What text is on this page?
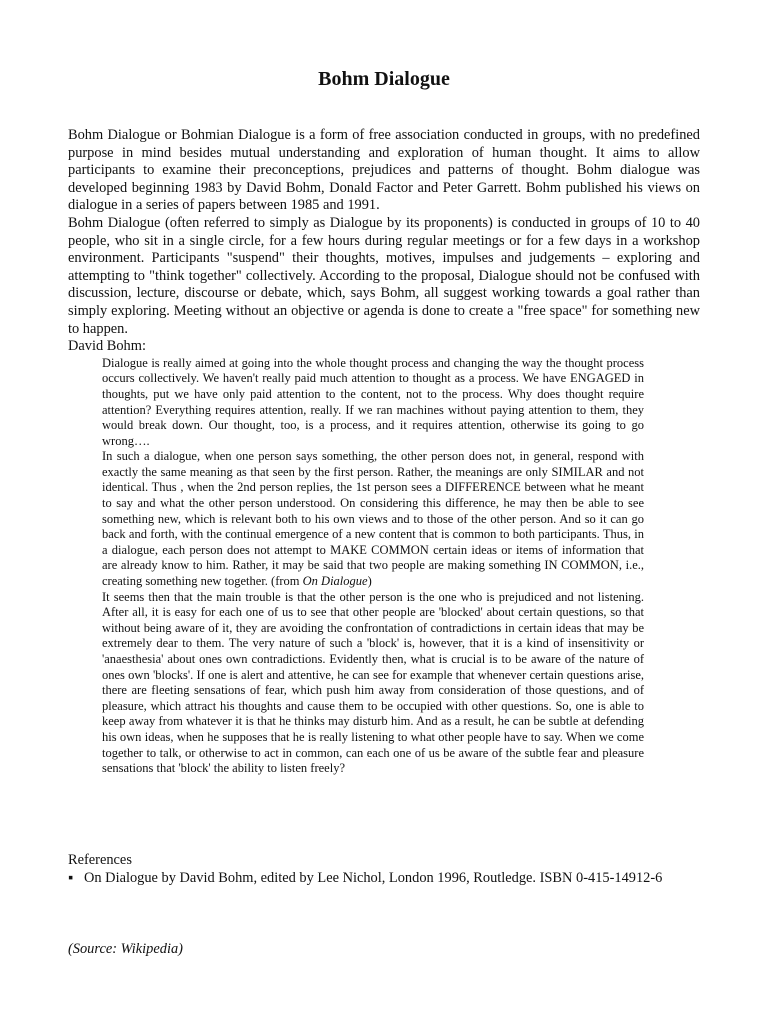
Bohm Dialogue

Bohm Dialogue or Bohmian Dialogue is a form of free association conducted in groups, with no predefined purpose in mind besides mutual understanding and exploration of human thought. It aims to allow participants to examine their preconceptions, prejudices and patterns of thought. Bohm dialogue was developed beginning 1983 by David Bohm, Donald Factor and Peter Garrett. Bohm published his views on dialogue in a series of papers between 1985 and 1991.

Bohm Dialogue (often referred to simply as Dialogue by its proponents) is conducted in groups of 10 to 40 people, who sit in a single circle, for a few hours during regular meetings or for a few days in a workshop environment. Participants "suspend" their thoughts, motives, impulses and judgements – exploring and attempting to "think together" collectively. According to the proposal, Dialogue should not be confused with discussion, lecture, discourse or debate, which, says Bohm, all suggest working towards a goal rather than simply exploring. Meeting without an objective or agenda is done to create a "free space" for something new to happen.

David Bohm:

Dialogue is really aimed at going into the whole thought process and changing the way the thought process occurs collectively. We haven't really paid much attention to thought as a process. We have ENGAGED in thoughts, put we have only paid attention to the content, not to the process. Why does thought require attention? Everything requires attention, really. If we ran machines without paying attention to them, they would break down. Our thought, too, is a process, and it requires attention, otherwise its going to go wrong….

In such a dialogue, when one person says something, the other person does not, in general, respond with exactly the same meaning as that seen by the first person. Rather, the meanings are only SIMILAR and not identical. Thus , when the 2nd person replies, the 1st person sees a DIFFERENCE between what he meant to say and what the other person understood. On considering this difference, he may then be able to see something new, which is relevant both to his own views and to those of the other person. And so it can go back and forth, with the continual emergence of a new content that is common to both participants. Thus, in a dialogue, each person does not attempt to MAKE COMMON certain ideas or items of information that are already know to him. Rather, it may be said that two people are making something IN COMMON, i.e., creating something new together. (from On Dialogue)

It seems then that the main trouble is that the other person is the one who is prejudiced and not listening. After all, it is easy for each one of us to see that other people are 'blocked' about certain questions, so that without being aware of it, they are avoiding the confrontation of contradictions in certain ideas that may be extremely dear to them. The very nature of such a 'block' is, however, that it is a kind of insensitivity or 'anaesthesia' about ones own contradictions. Evidently then, what is crucial is to be aware of the nature of ones own 'blocks'. If one is alert and attentive, he can see for example that whenever certain questions arise, there are fleeting sensations of fear, which push him away from consideration of those questions, and of pleasure, which attract his thoughts and cause them to be occupied with other questions. So, one is able to keep away from whatever it is that he thinks may disturb him. And as a result, he can be subtle at defending his own ideas, when he supposes that he is really listening to what other people have to say. When we come together to talk, or otherwise to act in common, can each one of us be aware of the subtle fear and pleasure sensations that 'block' the ability to listen freely?

References

▪ On Dialogue by David Bohm, edited by Lee Nichol, London 1996, Routledge. ISBN 0-415-14912-6
(Source: Wikipedia)
